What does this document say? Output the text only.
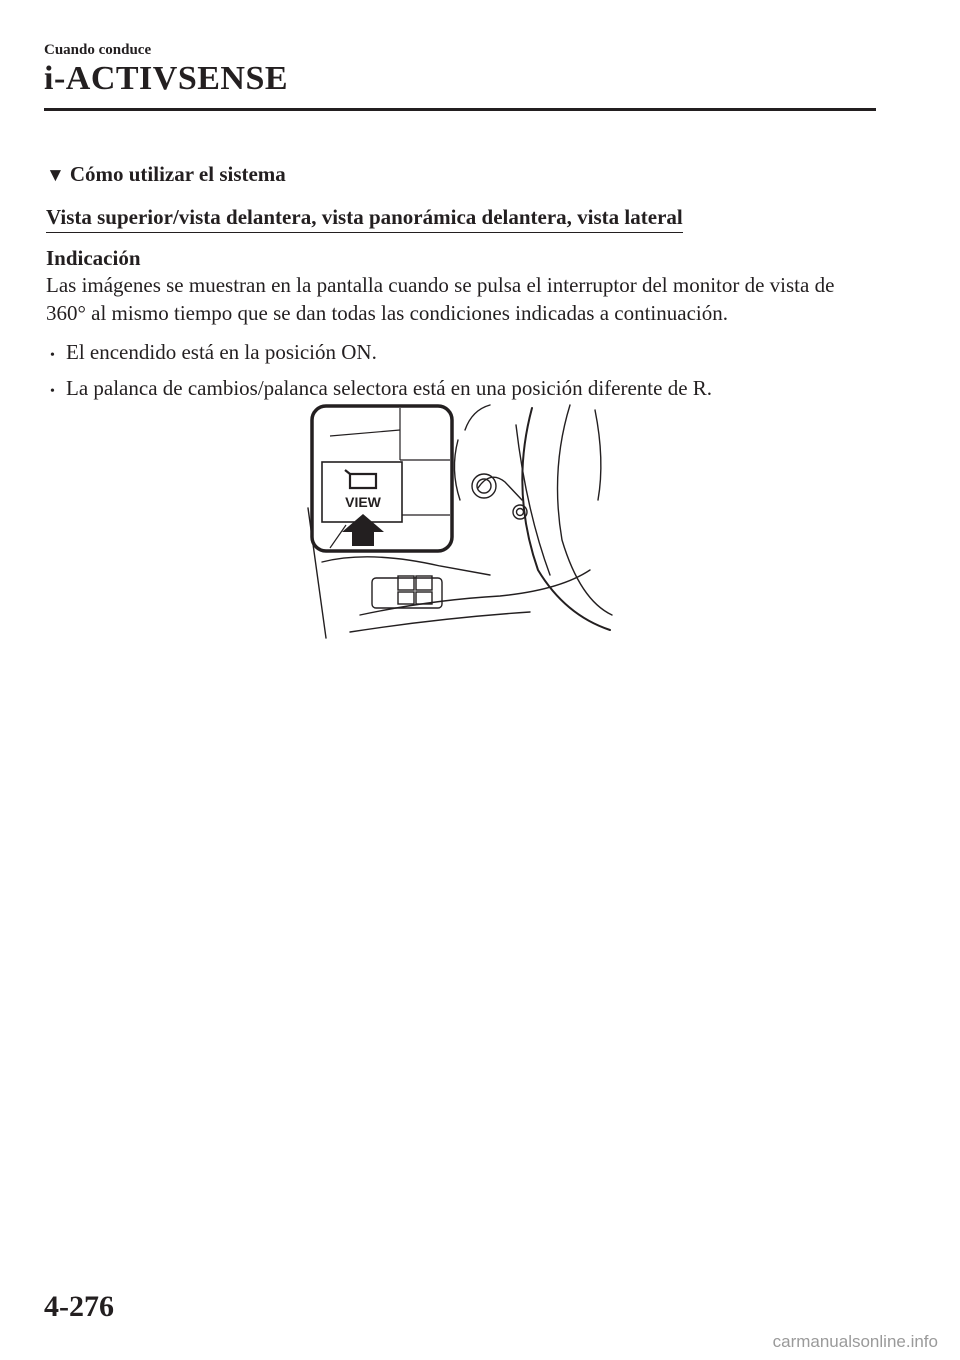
Cuando conduce
i-ACTIVSENSE
▼ Cómo utilizar el sistema
Vista superior/vista delantera, vista panorámica delantera, vista lateral
Indicación
Las imágenes se muestran en la pantalla cuando se pulsa el interruptor del monitor de vista de 360° al mismo tiempo que se dan todas las condiciones indicadas a continuación.
• El encendido está en la posición ON.
• La palanca de cambios/palanca selectora está en una posición diferente de R.
VIEW
4-276
carmanualsonline.info
